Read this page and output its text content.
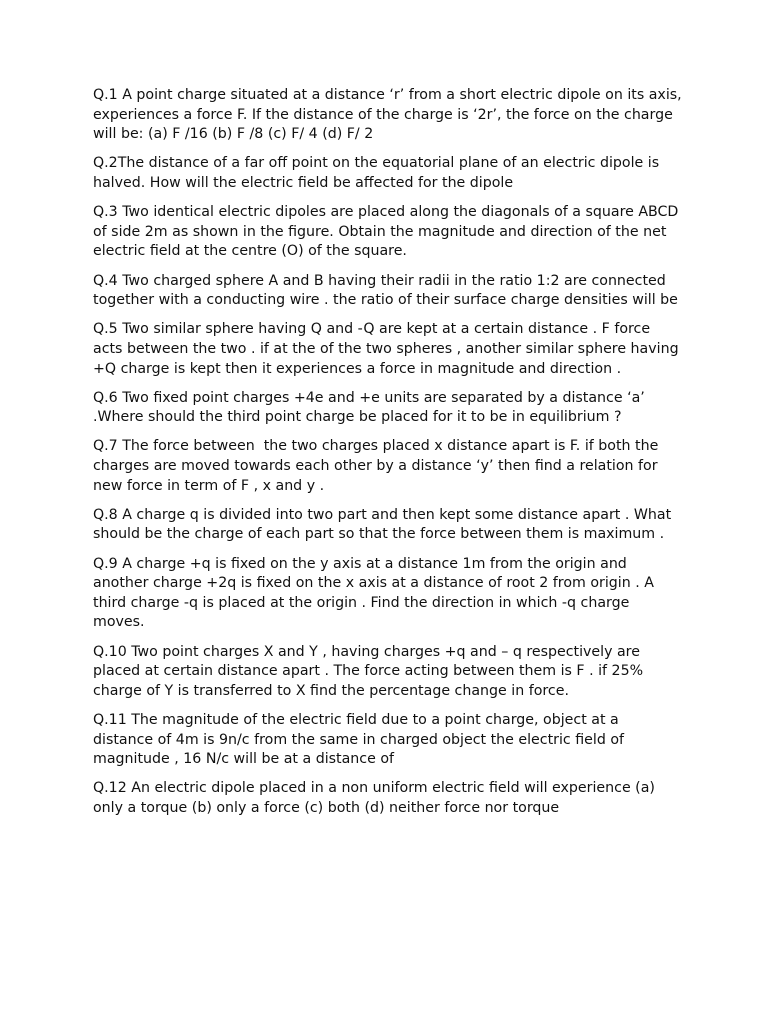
Q.1 A point charge situated at a distance ‘r’ from a short electric dipole on its axis, experiences a force F. If the distance of the charge is ‘2r’, the force on the charge will be: (a) F /16 (b) F /8 (c) F/ 4 (d) F/ 2

Q.2The distance of a far off point on the equatorial plane of an electric dipole is halved. How will the electric field be affected for the dipole

Q.3 Two identical electric dipoles are placed along the diagonals of a square ABCD of side 2m as shown in the figure. Obtain the magnitude and direction of the net electric field at the centre (O) of the square.

Q.4 Two charged sphere A and B having their radii in the ratio 1:2 are connected together with a conducting wire . the ratio of their surface charge densities will be

Q.5 Two similar sphere having Q and -Q are kept at a certain distance . F force acts between the two . if at the of the two spheres , another similar sphere having +Q charge is kept then it experiences a force in magnitude and direction .

Q.6 Two fixed point charges +4e and +e units are separated by a distance ‘a’ .Where should the third point charge be placed for it to be in equilibrium ?

Q.7 The force between  the two charges placed x distance apart is F. if both the charges are moved towards each other by a distance ‘y’ then find a relation for new force in term of F , x and y .

Q.8 A charge q is divided into two part and then kept some distance apart . What should be the charge of each part so that the force between them is maximum .

Q.9 A charge +q is fixed on the y axis at a distance 1m from the origin and another charge +2q is fixed on the x axis at a distance of root 2 from origin . A third charge -q is placed at the origin . Find the direction in which -q charge moves.

Q.10 Two point charges X and Y , having charges +q and – q respectively are placed at certain distance apart . The force acting between them is F . if 25% charge of Y is transferred to X find the percentage change in force.

Q.11 The magnitude of the electric field due to a point charge, object at a distance of 4m is 9n/c from the same in charged object the electric field of magnitude , 16 N/c will be at a distance of

Q.12 An electric dipole placed in a non uniform electric field will experience (a) only a torque (b) only a force (c) both (d) neither force nor torque
